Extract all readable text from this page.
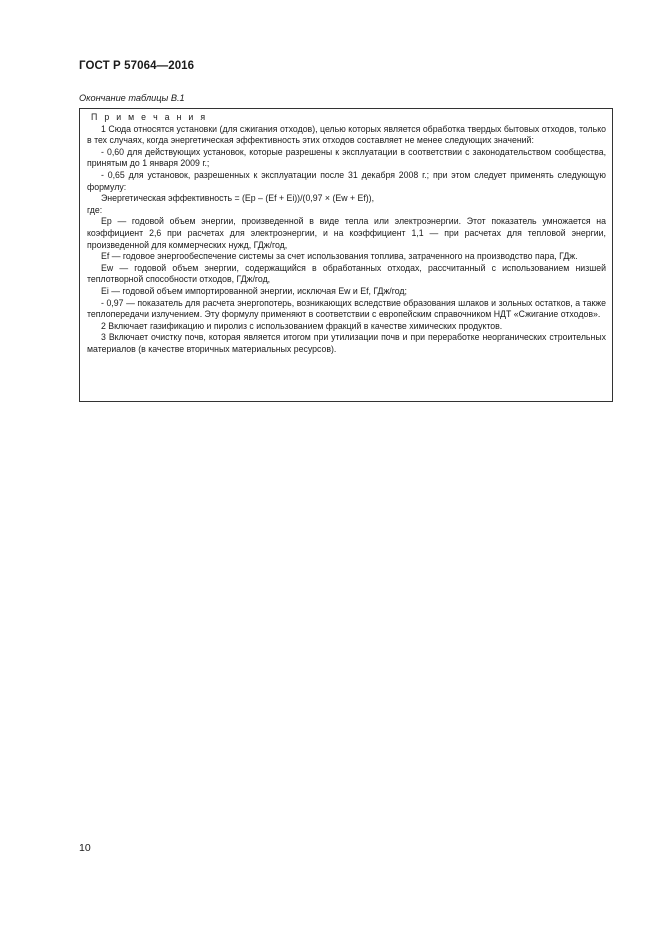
ГОСТ Р 57064—2016
Окончание таблицы В.1

П р и м е ч а н и я

1 Сюда относятся установки (для сжигания отходов), целью которых является обработка твердых бытовых отходов, только в тех случаях, когда энергетическая эффективность этих отходов составляет не менее следующих значений:

- 0,60 для действующих установок, которые разрешены к эксплуатации в соответствии с законодательством сообщества, принятым до 1 января 2009 г.;

- 0,65 для установок, разрешенных к эксплуатации после 31 декабря 2008 г.; при этом следует применять следующую формулу:

Энергетическая эффективность = (Ep – (Ef + Ei))/(0,97 × (Ew + Ef)),

где:

Ep — годовой объем энергии, произведенной в виде тепла или электроэнергии. Этот показатель умножается на коэффициент 2,6 при расчетах для электроэнергии, и на коэффициент 1,1 — при расчетах для тепловой энергии, произведенной для коммерческих нужд, ГДж/год,

Ef — годовое энергообеспечение системы за счет использования топлива, затраченного на производство пара, ГДж.

Ew — годовой объем энергии, содержащийся в обработанных отходах, рассчитанный с использованием низшей теплотворной способности отходов, ГДж/год,

Ei — годовой объем импортированной энергии, исключая Ew и Ef, ГДж/год;

- 0,97 — показатель для расчета энергопотерь, возникающих вследствие образования шлаков и зольных остатков, а также теплопередачи излучением. Эту формулу применяют в соответствии с европейским справочником НДТ «Сжигание отходов».

2 Включает газификацию и пиролиз с использованием фракций в качестве химических продуктов.

3 Включает очистку почв, которая является итогом при утилизации почв и при переработке неорганических строительных материалов (в качестве вторичных материальных ресурсов).

10
